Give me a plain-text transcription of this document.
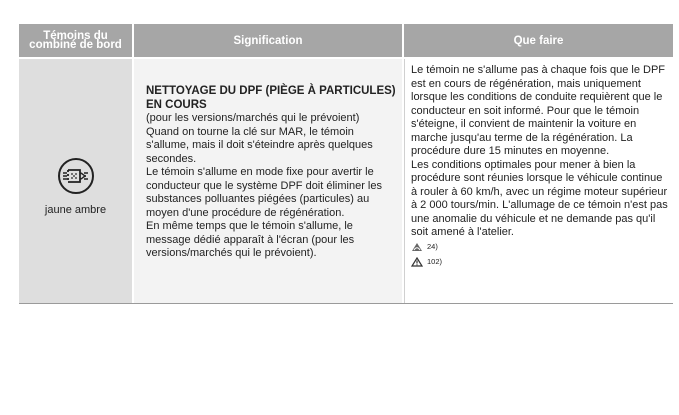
Témoins du combiné de bord	Signification	Que faire
jaune ambre

NETTOYAGE DU DPF (PIÈGE À PARTICULES) EN COURS

(pour les versions/marchés qui le prévoient)

Quand on tourne la clé sur MAR, le témoin s'allume, mais il doit s'éteindre après quelques secondes.

Le témoin s'allume en mode fixe pour avertir le conducteur que le système DPF doit éliminer les substances polluantes piégées (particules) au moyen d'une procédure de régénération.

En même temps que le témoin s'allume, le message dédié apparaît à l'écran (pour les versions/marchés qui le prévoient).

Le témoin ne s'allume pas à chaque fois que le DPF est en cours de régénération, mais uniquement lorsque les conditions de conduite requièrent que le conducteur en soit informé. Pour que le témoin s'éteigne, il convient de maintenir la voiture en marche jusqu'au terme de la régénération. La procédure dure 15 minutes en moyenne.

Les conditions optimales pour mener à bien la procédure sont réunies lorsque le véhicule continue à rouler à 60 km/h, avec un régime moteur supérieur à 2 000 tours/min. L'allumage de ce témoin n'est pas une anomalie du véhicule et ne demande pas qu'il soit amené à l'atelier.

24)
102)
